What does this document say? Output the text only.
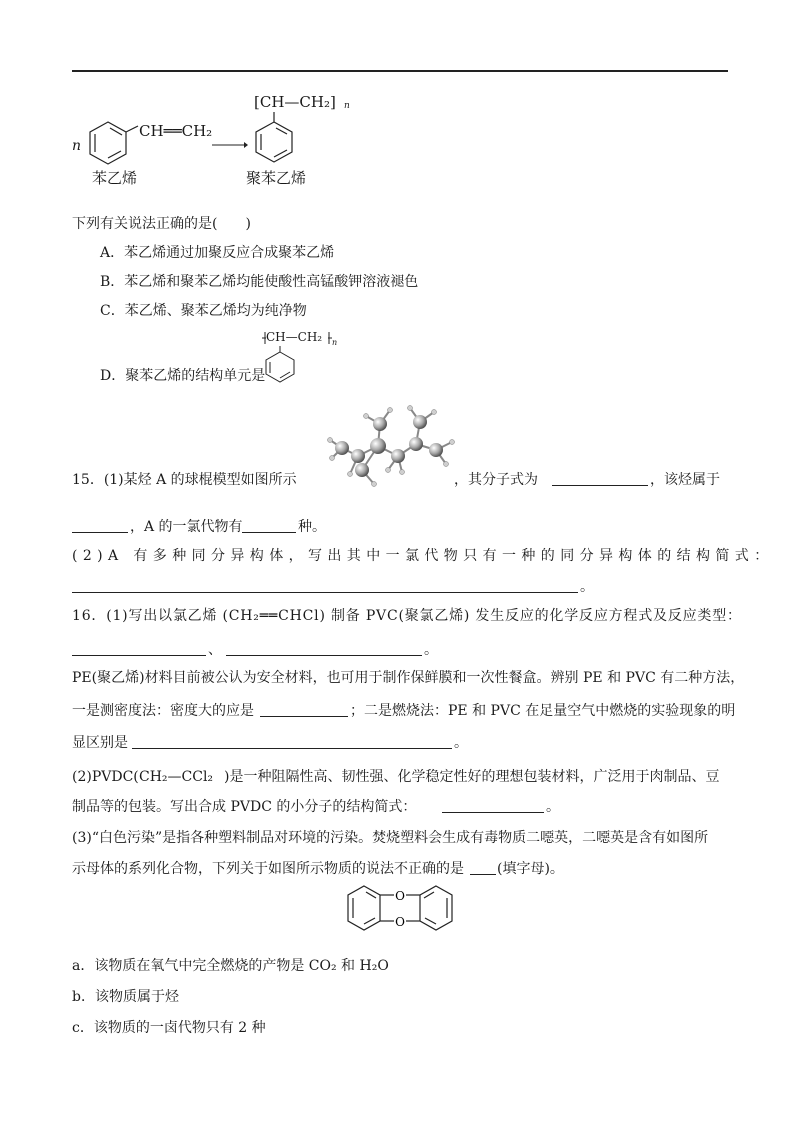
n
CH══CH₂
苯乙烯
[CH—CH₂] n
聚苯乙烯
下列有关说法正确的是(　　)
A．苯乙烯通过加聚反应合成聚苯乙烯
B．苯乙烯和聚苯乙烯均能使酸性高锰酸钾溶液褪色
C．苯乙烯、聚苯乙烯均为纯净物
D．聚苯乙烯的结构单元是
CH—CH₂ n
15．(1)某烃 A 的球棍模型如图所示	，其分子式为	，该烃属于
，A 的一氯代物有	种。
(2)A 有多种同分异构体，写出其中一氯代物只有一种的同分异构体的结构简式：
。
16．(1)写出以氯乙烯 (CH₂══CHCl) 制备 PVC(聚氯乙烯) 发生反应的化学反应方程式及反应类型：
、	。
PE(聚乙烯)材料目前被公认为安全材料，也可用于制作保鲜膜和一次性餐盒。辨别 PE 和 PVC 有二种方法，
一是测密度法：密度大的应是	；二是燃烧法：PE 和 PVC 在足量空气中燃烧的实验现象的明
显区别是	。
(2)PVDC( CH₂—CCl₂ )是一种阻隔性高、韧性强、化学稳定性好的理想包装材料，广泛用于肉制品、豆
制品等的包装。写出合成 PVDC 的小分子的结构简式：	。
(3)“白色污染”是指各种塑料制品对环境的污染。焚烧塑料会生成有毒物质二噁英，二噁英是含有如图所
示母体的系列化合物，下列关于如图所示物质的说法不正确的是 (填字母)。
O
O
a．该物质在氧气中完全燃烧的产物是 CO₂ 和 H₂O
b．该物质属于烃
c．该物质的一卤代物只有 2 种
